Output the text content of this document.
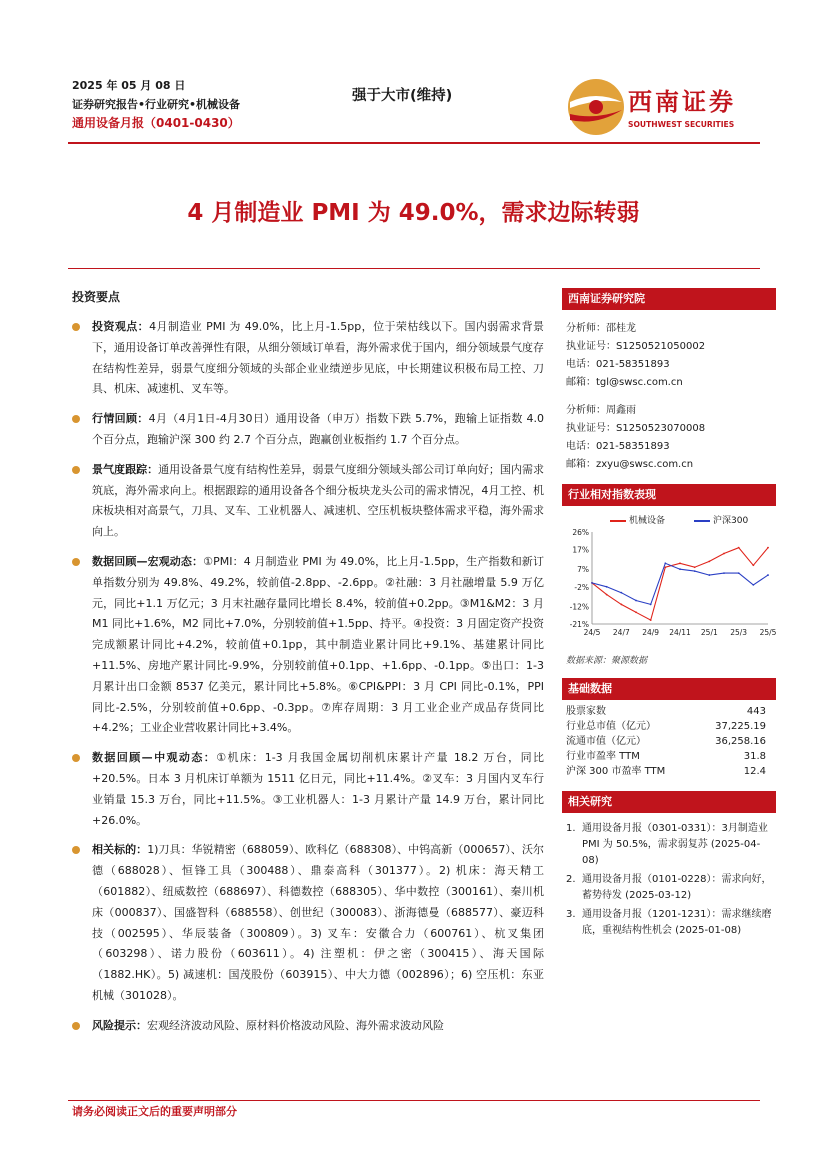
2025 年 05 月 08 日
证券研究报告•行业研究•机械设备
通用设备月报（0401-0430）
强于大市(维持)	西南证券
SOUTHWEST SECURITIES
4 月制造业 PMI 为 49.0%，需求边际转弱
投资要点
投资观点：4月制造业 PMI 为 49.0%，比上月-1.5pp，位于荣枯线以下。国内弱需求背景下，通用设备订单改善弹性有限，从细分领域订单看，海外需求优于国内，细分领域景气度存在结构性差异，弱景气度细分领域的头部企业业绩逆步见底，中长期建议积极布局工控、刀具、机床、减速机、叉车等。
行情回顾：4月（4月1日-4月30日）通用设备（申万）指数下跌 5.7%，跑输上证指数 4.0 个百分点，跑输沪深 300 约 2.7 个百分点，跑赢创业板指约 1.7 个百分点。
景气度跟踪：通用设备景气度有结构性差异，弱景气度细分领域头部公司订单向好；国内需求筑底，海外需求向上。根据跟踪的通用设备各个细分板块龙头公司的需求情况，4月工控、机床板块相对高景气，刀具、叉车、工业机器人、减速机、空压机板块整体需求平稳，海外需求向上。
数据回顾—宏观动态：①PMI：4 月制造业 PMI 为 49.0%，比上月-1.5pp，生产指数和新订单指数分别为 49.8%、49.2%，较前值-2.8pp、-2.6pp。②社融：3 月社融增量 5.9 万亿元，同比+1.1 万亿元；3 月末社融存量同比增长 8.4%，较前值+0.2pp。③M1&M2：3 月 M1 同比+1.6%，M2 同比+7.0%，分别较前值+1.5pp、持平。④投资：3 月固定资产投资完成额累计同比+4.2%，较前值+0.1pp，其中制造业累计同比+9.1%、基建累计同比+11.5%、房地产累计同比-9.9%，分别较前值+0.1pp、+1.6pp、-0.1pp。⑤出口：1-3 月累计出口金额 8537 亿美元，累计同比+5.8%。⑥CPI&PPI：3 月 CPI 同比-0.1%，PPI 同比-2.5%，分别较前值+0.6pp、-0.3pp。⑦库存周期：3 月工业企业产成品存货同比+4.2%；工业企业营收累计同比+3.4%。
数据回顾—中观动态：①机床：1-3 月我国金属切削机床累计产量 18.2 万台，同比+20.5%。日本 3 月机床订单额为 1511 亿日元，同比+11.4%。②叉车：3 月国内叉车行业销量 15.3 万台，同比+11.5%。③工业机器人：1-3 月累计产量 14.9 万台，累计同比+26.0%。
相关标的：1)刀具：华锐精密（688059）、欧科亿（688308）、中钨高新（000657）、沃尔德（688028）、恒锋工具（300488）、鼎泰高科（301377）。2) 机床：海天精工（601882）、纽威数控（688697）、科德数控（688305）、华中数控（300161）、秦川机床（000837）、国盛智科（688558）、创世纪（300083）、浙海德曼（688577）、豪迈科技（002595）、华辰装备（300809）。3) 叉车：安徽合力（600761）、杭叉集团（603298）、诺力股份（603611）。4) 注塑机：伊之密（300415）、海天国际（1882.HK）。5) 减速机：国茂股份（603915）、中大力德（002896）；6) 空压机：东亚机械（301028）。
风险提示：宏观经济波动风险、原材料价格波动风险、海外需求波动风险
西南证券研究院
分析师：邵桂龙
执业证号：S1250521050002
电话：021-58351893
邮箱：tgl@swsc.com.cn
分析师：周鑫雨
执业证号：S1250523070008
电话：021-58351893
邮箱：zxyu@swsc.com.cn
行业相对指数表现
机械设备	沪深300
26%
17%
7%
-2%
-12%
-21%
24/5 24/7 24/9 24/11 25/1 25/3 25/5
数据来源：聚源数据
基础数据
股票家数	443
行业总市值（亿元）	37,225.19
流通市值（亿元）	36,258.16
行业市盈率 TTM	31.8
沪深 300 市盈率 TTM	12.4
相关研究
1. 通用设备月报（0301-0331）：3月制造业 PMI 为 50.5%，需求弱复苏 (2025-04-08)
2. 通用设备月报（0101-0228）：需求向好，蓄势待发 (2025-03-12)
3. 通用设备月报（1201-1231）：需求继续磨底，重视结构性机会 (2025-01-08)
请务必阅读正文后的重要声明部分
